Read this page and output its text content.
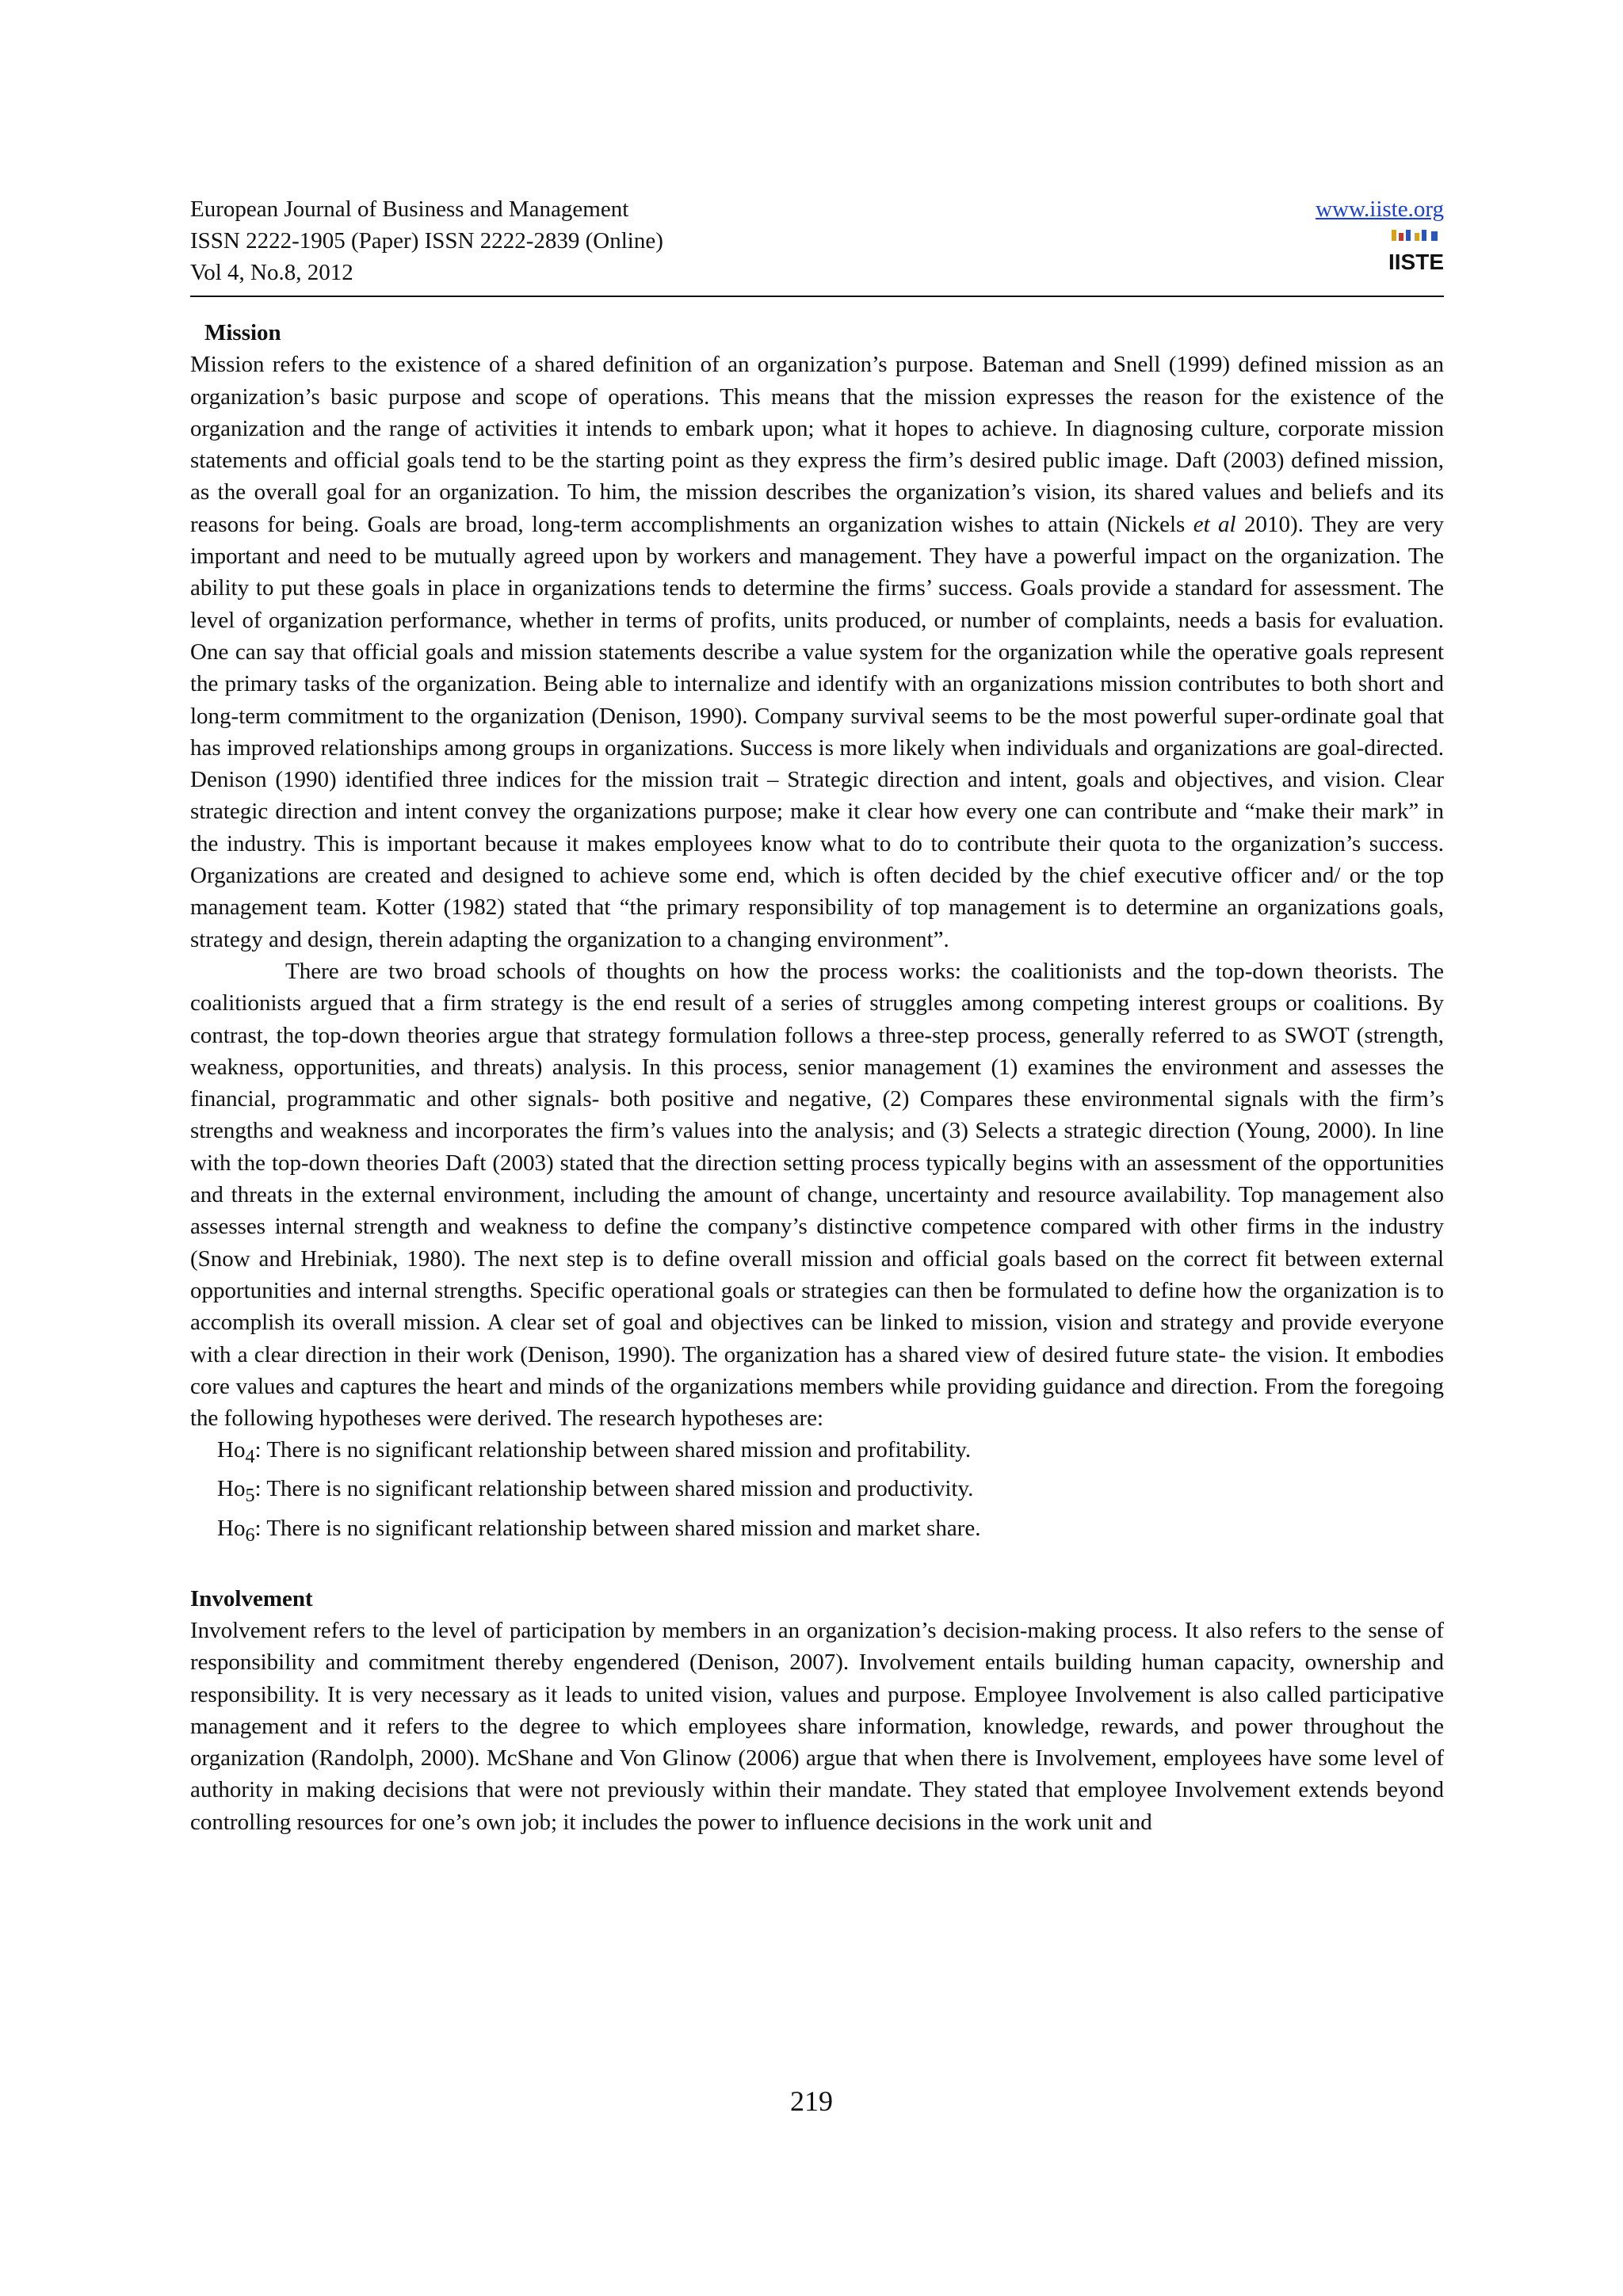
European Journal of Business and Management
ISSN 2222-1905 (Paper) ISSN 2222-2839 (Online)
Vol 4, No.8, 2012
www.iiste.org
IISTE

Mission

Mission refers to the existence of a shared definition of an organization’s purpose. Bateman and Snell (1999) defined mission as an organization’s basic purpose and scope of operations. This means that the mission expresses the reason for the existence of the organization and the range of activities it intends to embark upon; what it hopes to achieve. In diagnosing culture, corporate mission statements and official goals tend to be the starting point as they express the firm’s desired public image. Daft (2003) defined mission, as the overall goal for an organization. To him, the mission describes the organization’s vision, its shared values and beliefs and its reasons for being. Goals are broad, long-term accomplishments an organization wishes to attain (Nickels et al 2010). They are very important and need to be mutually agreed upon by workers and management. They have a powerful impact on the organization. The ability to put these goals in place in organizations tends to determine the firms’ success. Goals provide a standard for assessment. The level of organization performance, whether in terms of profits, units produced, or number of complaints, needs a basis for evaluation. One can say that official goals and mission statements describe a value system for the organization while the operative goals represent the primary tasks of the organization. Being able to internalize and identify with an organizations mission contributes to both short and long-term commitment to the organization (Denison, 1990). Company survival seems to be the most powerful super-ordinate goal that has improved relationships among groups in organizations. Success is more likely when individuals and organizations are goal-directed. Denison (1990) identified three indices for the mission trait – Strategic direction and intent, goals and objectives, and vision. Clear strategic direction and intent convey the organizations purpose; make it clear how every one can contribute and “make their mark” in the industry. This is important because it makes employees know what to do to contribute their quota to the organization’s success. Organizations are created and designed to achieve some end, which is often decided by the chief executive officer and/ or the top management team. Kotter (1982) stated that “the primary responsibility of top management is to determine an organizations goals, strategy and design, therein adapting the organization to a changing environment”.

There are two broad schools of thoughts on how the process works: the coalitionists and the top-down theorists. The coalitionists argued that a firm strategy is the end result of a series of struggles among competing interest groups or coalitions. By contrast, the top-down theories argue that strategy formulation follows a three-step process, generally referred to as SWOT (strength, weakness, opportunities, and threats) analysis. In this process, senior management (1) examines the environment and assesses the financial, programmatic and other signals- both positive and negative, (2) Compares these environmental signals with the firm’s strengths and weakness and incorporates the firm’s values into the analysis; and (3) Selects a strategic direction (Young, 2000). In line with the top-down theories Daft (2003) stated that the direction setting process typically begins with an assessment of the opportunities and threats in the external environment, including the amount of change, uncertainty and resource availability. Top management also assesses internal strength and weakness to define the company’s distinctive competence compared with other firms in the industry (Snow and Hrebiniak, 1980). The next step is to define overall mission and official goals based on the correct fit between external opportunities and internal strengths. Specific operational goals or strategies can then be formulated to define how the organization is to accomplish its overall mission. A clear set of goal and objectives can be linked to mission, vision and strategy and provide everyone with a clear direction in their work (Denison, 1990). The organization has a shared view of desired future state- the vision. It embodies core values and captures the heart and minds of the organizations members while providing guidance and direction. From the foregoing the following hypotheses were derived. The research hypotheses are:

$Ho_4$: There is no significant relationship between shared mission and profitability.

$Ho_5$: There is no significant relationship between shared mission and productivity.

$Ho_6$: There is no significant relationship between shared mission and market share.

Involvement

Involvement refers to the level of participation by members in an organization’s decision-making process. It also refers to the sense of responsibility and commitment thereby engendered (Denison, 2007). Involvement entails building human capacity, ownership and responsibility. It is very necessary as it leads to united vision, values and purpose. Employee Involvement is also called participative management and it refers to the degree to which employees share information, knowledge, rewards, and power throughout the organization (Randolph, 2000). McShane and Von Glinow (2006) argue that when there is Involvement, employees have some level of authority in making decisions that were not previously within their mandate. They stated that employee Involvement extends beyond controlling resources for one’s own job; it includes the power to influence decisions in the work unit and

219
